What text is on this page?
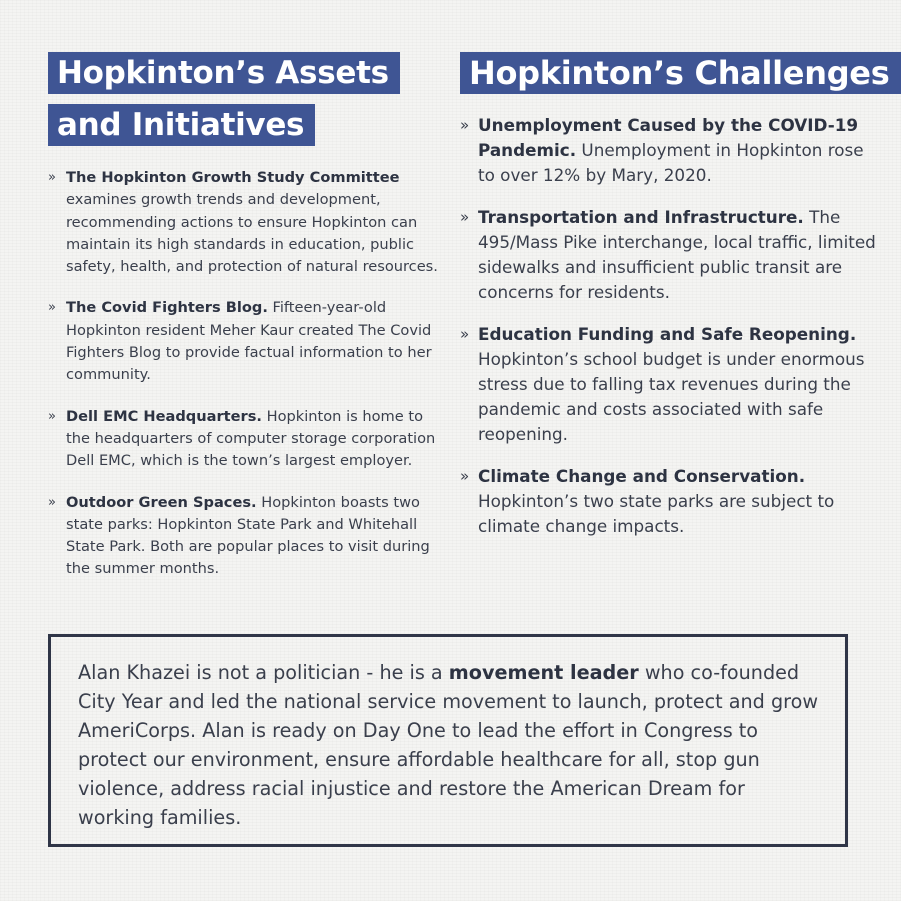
Hopkinton’s Assets
and Initiatives
» The Hopkinton Growth Study Committee examines growth trends and development, recommending actions to ensure Hopkinton can maintain its high standards in education, public safety, health, and protection of natural resources.
» The Covid Fighters Blog. Fifteen-year-old Hopkinton resident Meher Kaur created The Covid Fighters Blog to provide factual information to her community.
» Dell EMC Headquarters. Hopkinton is home to the headquarters of computer storage corporation Dell EMC, which is the town’s largest employer.
» Outdoor Green Spaces. Hopkinton boasts two state parks: Hopkinton State Park and Whitehall State Park. Both are popular places to visit during the summer months.
Hopkinton’s Challenges
» Unemployment Caused by the COVID-19 Pandemic. Unemployment in Hopkinton rose to over 12% by Mary, 2020.
» Transportation and Infrastructure. The 495/Mass Pike interchange, local traffic, limited sidewalks and insufficient public transit are concerns for residents.
» Education Funding and Safe Reopening. Hopkinton’s school budget is under enormous stress due to falling tax revenues during the pandemic and costs associated with safe reopening.
» Climate Change and Conservation. Hopkinton’s two state parks are subject to climate change impacts.
Alan Khazei is not a politician - he is a movement leader who co-founded City Year and led the national service movement to launch, protect and grow AmeriCorps. Alan is ready on Day One to lead the effort in Congress to protect our environment, ensure affordable healthcare for all, stop gun violence, address racial injustice and restore the American Dream for working families.
